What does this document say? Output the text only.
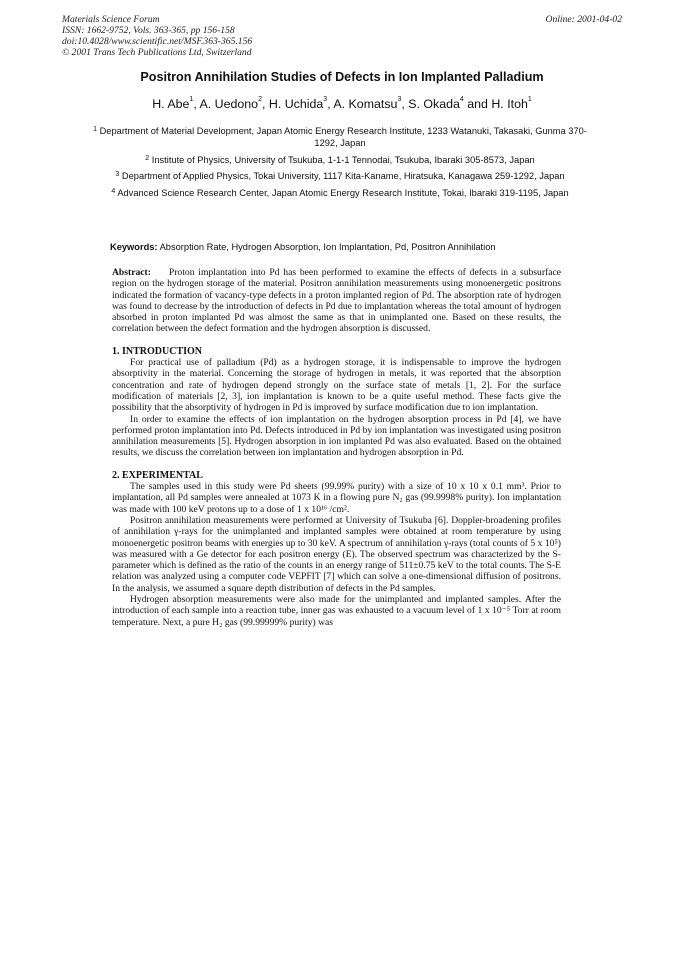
Materials Science Forum
ISSN: 1662-9752, Vols. 363-365, pp 156-158
doi:10.4028/www.scientific.net/MSF.363-365.156
© 2001 Trans Tech Publications Ltd, Switzerland
Online: 2001-04-02
Positron Annihilation Studies of Defects in Ion Implanted Palladium
H. Abe$^1$, A. Uedono$^2$, H. Uchida$^3$, A. Komatsu$^3$, S. Okada$^4$ and H. Itoh$^1$

$^1$ Department of Material Development, Japan Atomic Energy Research Institute, 1233 Watanuki, Takasaki, Gunma 370-1292, Japan

$^2$ Institute of Physics, University of Tsukuba, 1-1-1 Tennodai, Tsukuba, Ibaraki 305-8573, Japan

$^3$ Department of Applied Physics, Tokai University, 1117 Kita-Kaname, Hiratsuka, Kanagawa 259-1292, Japan

$^4$ Advanced Science Research Center, Japan Atomic Energy Research Institute, Tokai, Ibaraki 319-1195, Japan

Keywords: Absorption Rate, Hydrogen Absorption, Ion Implantation, Pd, Positron Annihilation

Abstract: Proton implantation into Pd has been performed to examine the effects of defects in a subsurface region on the hydrogen storage of the material. Positron annihilation measurements using monoenergetic positrons indicated the formation of vacancy-type defects in a proton implanted region of Pd. The absorption rate of hydrogen was found to decrease by the introduction of defects in Pd due to implantation whereas the total amount of hydrogen absorbed in proton implanted Pd was almost the same as that in unimplanted one. Based on these results, the correlation between the defect formation and the hydrogen absorption is discussed.

1. INTRODUCTION

For practical use of palladium (Pd) as a hydrogen storage, it is indispensable to improve the hydrogen absorptivity in the material. Concerning the storage of hydrogen in metals, it was reported that the absorption concentration and rate of hydrogen depend strongly on the surface state of metals [1, 2]. For the surface modification of materials [2, 3], ion implantation is known to be a quite useful method. These facts give the possibility that the absorptivity of hydrogen in Pd is improved by surface modification due to ion implantation.

In order to examine the effects of ion implantation on the hydrogen absorption process in Pd [4], we have performed proton implantation into Pd. Defects introduced in Pd by ion implantation was investigated using positron annihilation measurements [5]. Hydrogen absorption in ion implanted Pd was also evaluated. Based on the obtained results, we discuss the correlation between ion implantation and hydrogen absorption in Pd.

2. EXPERIMENTAL

The samples used in this study were Pd sheets (99.99% purity) with a size of 10 x 10 x 0.1 mm³. Prior to implantation, all Pd samples were annealed at 1073 K in a flowing pure N₂ gas (99.9998% purity). Ion implantation was made with 100 keV protons up to a dose of 1 x 10¹⁶ /cm².

Positron annihilation measurements were performed at University of Tsukuba [6]. Doppler-broadening profiles of annihilation γ-rays for the unimplanted and implanted samples were obtained at room temperature by using monoenergetic positron beams with energies up to 30 keV. A spectrum of annihilation γ-rays (total counts of 5 x 10⁵) was measured with a Ge detector for each positron energy (E). The observed spectrum was characterized by the S-parameter which is defined as the ratio of the counts in an energy range of 511±0.75 keV to the total counts. The S-E relation was analyzed using a computer code VEPFIT [7] which can solve a one-dimensional diffusion of positrons. In the analysis, we assumed a square depth distribution of defects in the Pd samples.

Hydrogen absorption measurements were also made for the unimplanted and implanted samples. After the introduction of each sample into a reaction tube, inner gas was exhausted to a vacuum level of 1 x 10⁻⁵ Torr at room temperature. Next, a pure H₂ gas (99.99999% purity) was
